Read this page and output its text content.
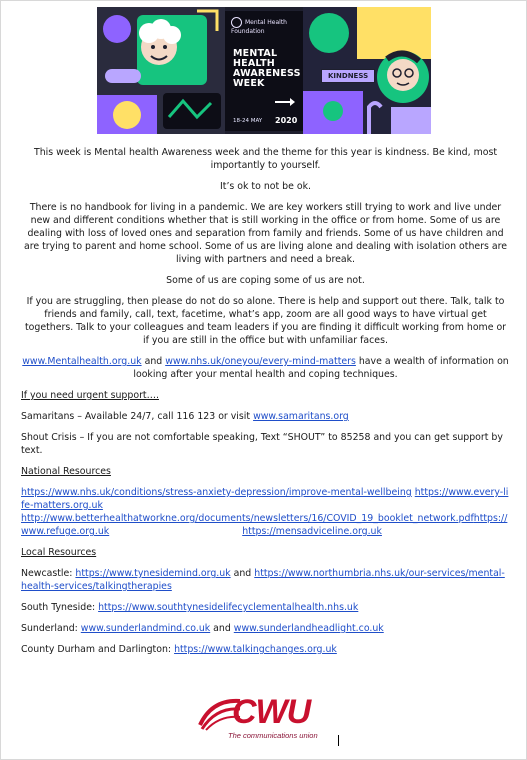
Mental Health Foundation
MENTAL HEALTH AWARENESS WEEK
18-24 MAY 2020
KINDNESS

This week is Mental health Awareness week and the theme for this year is kindness. Be kind, most importantly to yourself.

It’s ok to not be ok.

There is no handbook for living in a pandemic. We are key workers still trying to work and live under new and different conditions whether that is still working in the office or from home. Some of us are dealing with loss of loved ones and separation from family and friends. Some of us have children and are trying to parent and home school. Some of us are living alone and dealing with isolation others are living with partners and need a break.

Some of us are coping some of us are not.

If you are struggling, then please do not do so alone. There is help and support out there. Talk, talk to friends and family, call, text, facetime, what’s app, zoom are all good ways to have virtual get togethers. Talk to your colleagues and team leaders if you are finding it difficult working from home or if you are still in the office but with unfamiliar faces.

www.Mentalhealth.org.uk and www.nhs.uk/oneyou/every-mind-matters have a wealth of information on looking after your mental health and coping techniques.

If you need urgent support….

Samaritans – Available 24/7, call 116 123 or visit www.samaritans.org

Shout Crisis – If you are not comfortable speaking, Text “SHOUT” to 85258 and you can get support by text.

National Resources

https://www.nhs.uk/conditions/stress-anxiety-depression/improve-mental-wellbeing https://www.every-life-matters.org.uk
http://www.betterhealthatworkne.org/documents/newsletters/16/COVID_19_booklet_network.pdfhttps://www.refuge.org.uk	https://mensadviceline.org.uk

Local Resources

Newcastle: https://www.tynesidemind.org.uk and https://www.northumbria.nhs.uk/our-services/mental-health-services/talkingtherapies

South Tyneside: https://www.southtynesidelifecyclementalhealth.nhs.uk

Sunderland: www.sunderlandmind.co.uk and www.sunderlandheadlight.co.uk

County Durham and Darlington: https://www.talkingchanges.org.uk

CWU
The communications union
